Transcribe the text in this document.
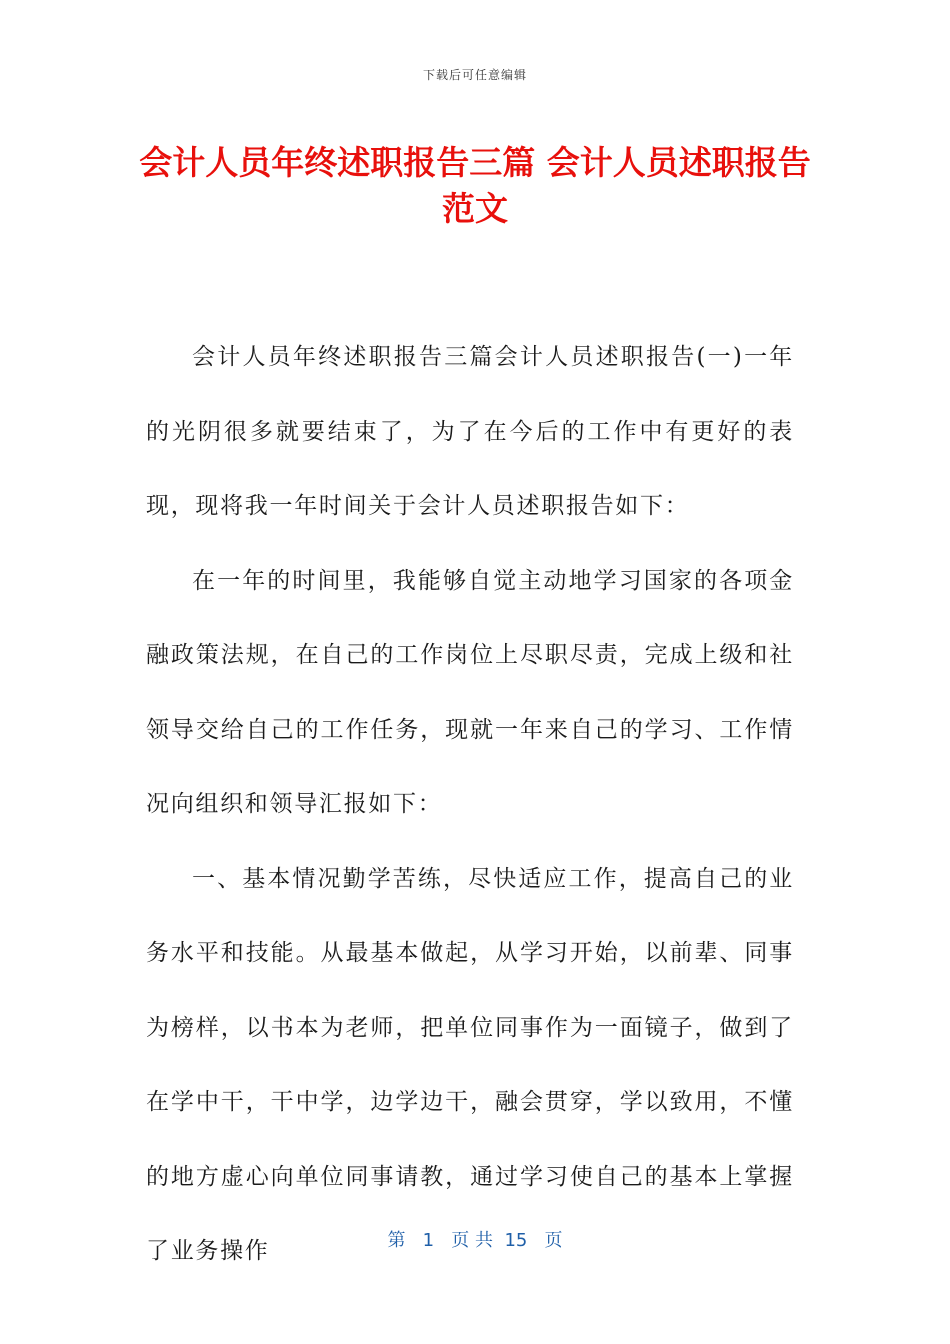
下载后可任意编辑
会计人员年终述职报告三篇 会计人员述职报告范文

会计人员年终述职报告三篇会计人员述职报告(一)一年的光阴很多就要结束了，为了在今后的工作中有更好的表现，现将我一年时间关于会计人员述职报告如下：

在一年的时间里，我能够自觉主动地学习国家的各项金融政策法规，在自己的工作岗位上尽职尽责，完成上级和社领导交给自己的工作任务，现就一年来自己的学习、工作情况向组织和领导汇报如下：

一、基本情况勤学苦练，尽快适应工作，提高自己的业务水平和技能。从最基本做起，从学习开始，以前辈、同事为榜样，以书本为老师，把单位同事作为一面镜子，做到了在学中干，干中学，边学边干，融会贯穿，学以致用，不懂的地方虚心向单位同事请教，通过学习使自己的基本上掌握了业务操作	第 1 页 共 15 页
